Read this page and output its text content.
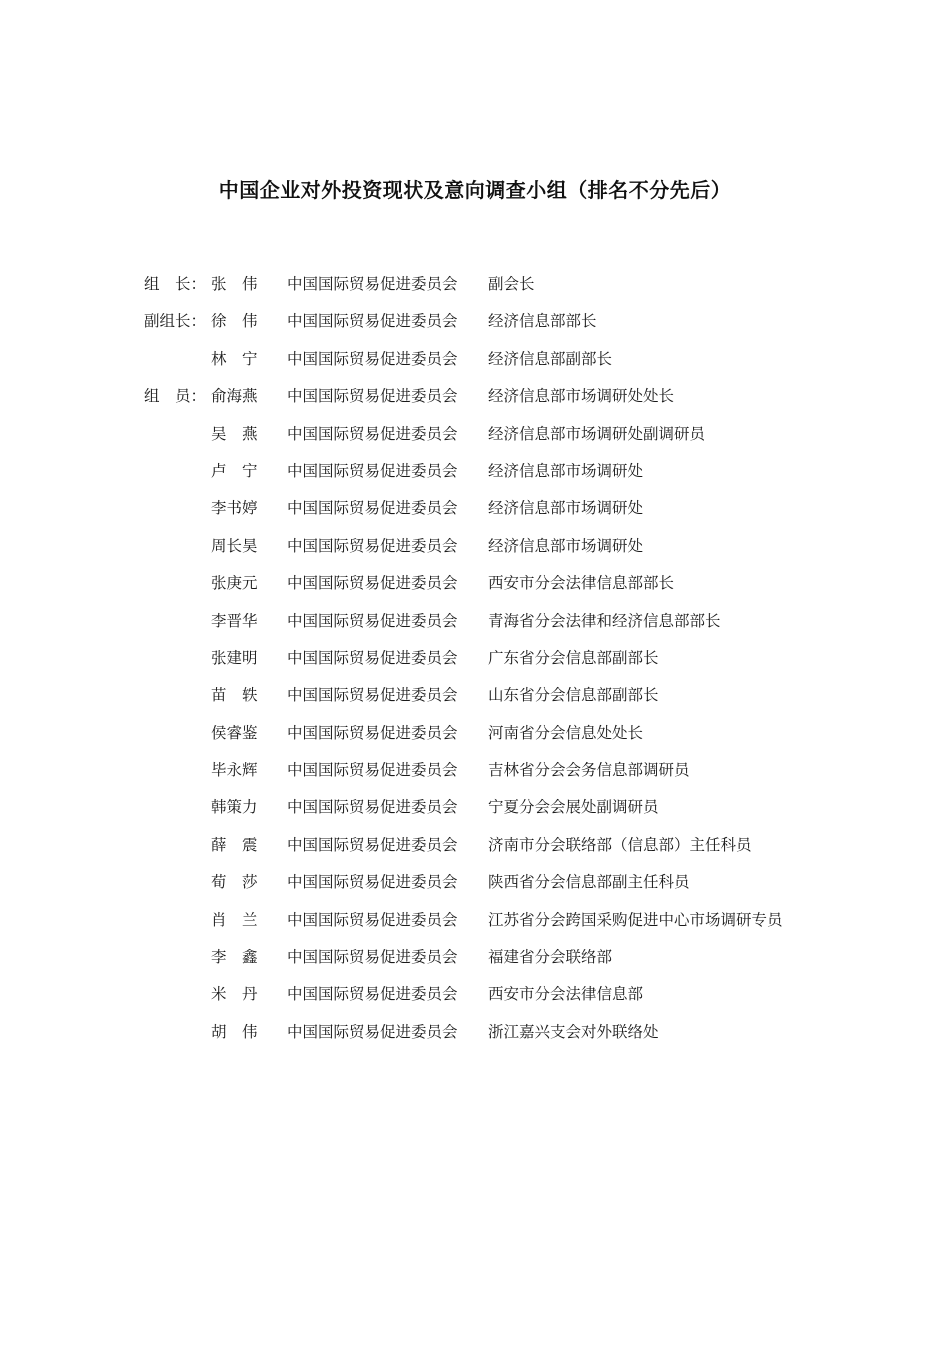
中国企业对外投资现状及意向调查小组（排名不分先后）
组　长： 张　伟	中国国际贸易促进委员会 副会长
副组长： 徐　伟	中国国际贸易促进委员会 经济信息部部长
林　宁	中国国际贸易促进委员会 经济信息部副部长
组　员： 俞海燕	中国国际贸易促进委员会 经济信息部市场调研处处长
吴　燕	中国国际贸易促进委员会 经济信息部市场调研处副调研员
卢　宁	中国国际贸易促进委员会 经济信息部市场调研处
李书婷	中国国际贸易促进委员会 经济信息部市场调研处
周长昊	中国国际贸易促进委员会 经济信息部市场调研处
张庚元	中国国际贸易促进委员会 西安市分会法律信息部部长
李晋华	中国国际贸易促进委员会 青海省分会法律和经济信息部部长
张建明	中国国际贸易促进委员会 广东省分会信息部副部长
苗　轶	中国国际贸易促进委员会 山东省分会信息部副部长
侯睿鉴	中国国际贸易促进委员会 河南省分会信息处处长
毕永辉	中国国际贸易促进委员会 吉林省分会会务信息部调研员
韩策力	中国国际贸易促进委员会 宁夏分会会展处副调研员
薛　震	中国国际贸易促进委员会 济南市分会联络部（信息部）主任科员
荀　莎	中国国际贸易促进委员会 陕西省分会信息部副主任科员
肖　兰	中国国际贸易促进委员会 江苏省分会跨国采购促进中心市场调研专员
李　鑫	中国国际贸易促进委员会 福建省分会联络部
米　丹	中国国际贸易促进委员会 西安市分会法律信息部
胡　伟	中国国际贸易促进委员会 浙江嘉兴支会对外联络处
